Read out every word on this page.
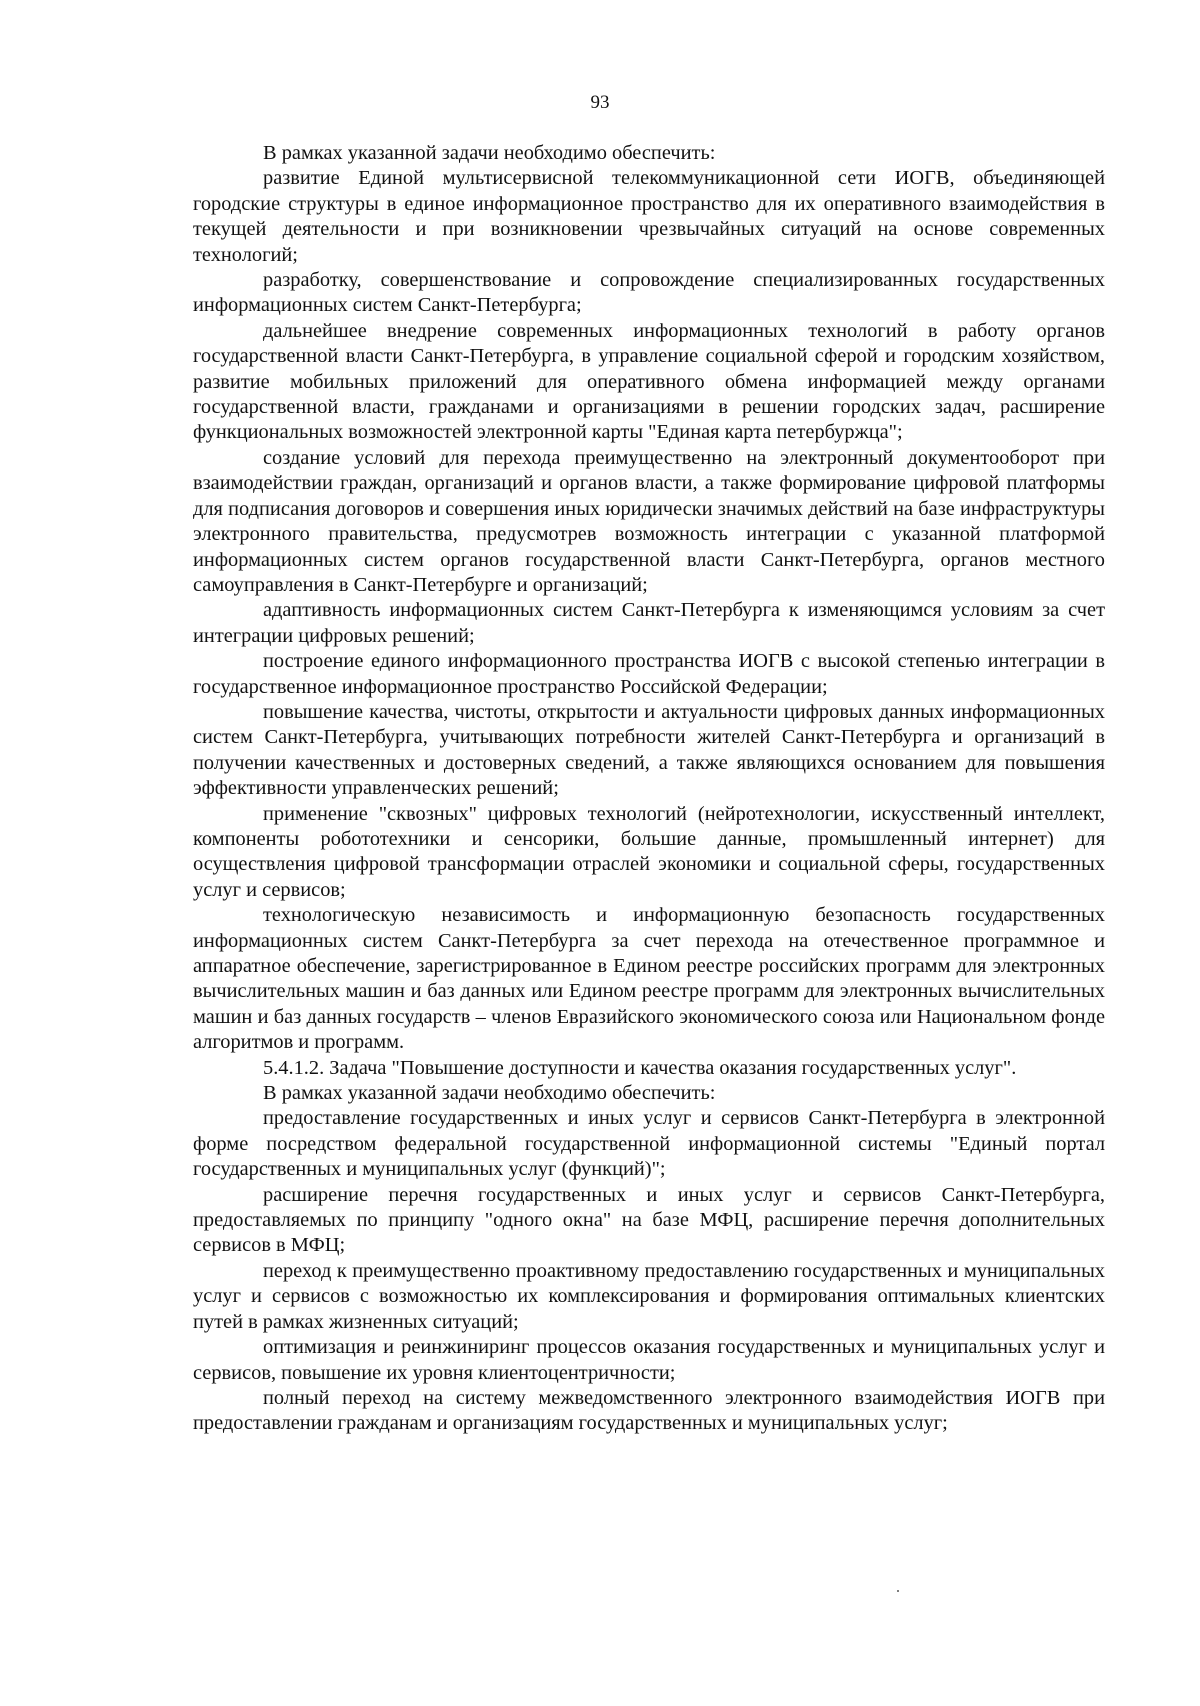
93

В рамках указанной задачи необходимо обеспечить:

развитие Единой мультисервисной телекоммуникационной сети ИОГВ, объединяющей городские структуры в единое информационное пространство для их оперативного взаимодействия в текущей деятельности и при возникновении чрезвычайных ситуаций на основе современных технологий;

разработку, совершенствование и сопровождение специализированных государственных информационных систем Санкт-Петербурга;

дальнейшее внедрение современных информационных технологий в работу органов государственной власти Санкт-Петербурга, в управление социальной сферой и городским хозяйством, развитие мобильных приложений для оперативного обмена информацией между органами государственной власти, гражданами и организациями в решении городских задач, расширение функциональных возможностей электронной карты "Единая карта петербуржца";

создание условий для перехода преимущественно на электронный документооборот при взаимодействии граждан, организаций и органов власти, а также формирование цифровой платформы для подписания договоров и совершения иных юридически значимых действий на базе инфраструктуры электронного правительства, предусмотрев возможность интеграции с указанной платформой информационных систем органов государственной власти Санкт-Петербурга, органов местного самоуправления в Санкт-Петербурге и организаций;

адаптивность информационных систем Санкт-Петербурга к изменяющимся условиям за счет интеграции цифровых решений;

построение единого информационного пространства ИОГВ с высокой степенью интеграции в государственное информационное пространство Российской Федерации;

повышение качества, чистоты, открытости и актуальности цифровых данных информационных систем Санкт-Петербурга, учитывающих потребности жителей Санкт-Петербурга и организаций в получении качественных и достоверных сведений, а также являющихся основанием для повышения эффективности управленческих решений;

применение "сквозных" цифровых технологий (нейротехнологии, искусственный интеллект, компоненты робототехники и сенсорики, большие данные, промышленный интернет) для осуществления цифровой трансформации отраслей экономики и социальной сферы, государственных услуг и сервисов;

технологическую независимость и информационную безопасность государственных информационных систем Санкт-Петербурга за счет перехода на отечественное программное и аппаратное обеспечение, зарегистрированное в Едином реестре российских программ для электронных вычислительных машин и баз данных или Едином реестре программ для электронных вычислительных машин и баз данных государств – членов Евразийского экономического союза или Национальном фонде алгоритмов и программ.

5.4.1.2. Задача "Повышение доступности и качества оказания государственных услуг".

В рамках указанной задачи необходимо обеспечить:

предоставление государственных и иных услуг и сервисов Санкт-Петербурга в электронной форме посредством федеральной государственной информационной системы "Единый портал государственных и муниципальных услуг (функций)";

расширение перечня государственных и иных услуг и сервисов Санкт-Петербурга, предоставляемых по принципу "одного окна" на базе МФЦ, расширение перечня дополнительных сервисов в МФЦ;

переход к преимущественно проактивному предоставлению государственных и муниципальных услуг и сервисов с возможностью их комплексирования и формирования оптимальных клиентских путей в рамках жизненных ситуаций;

оптимизация и реинжиниринг процессов оказания государственных и муниципальных услуг и сервисов, повышение их уровня клиентоцентричности;

полный переход на систему межведомственного электронного взаимодействия ИОГВ при предоставлении гражданам и организациям государственных и муниципальных услуг;
